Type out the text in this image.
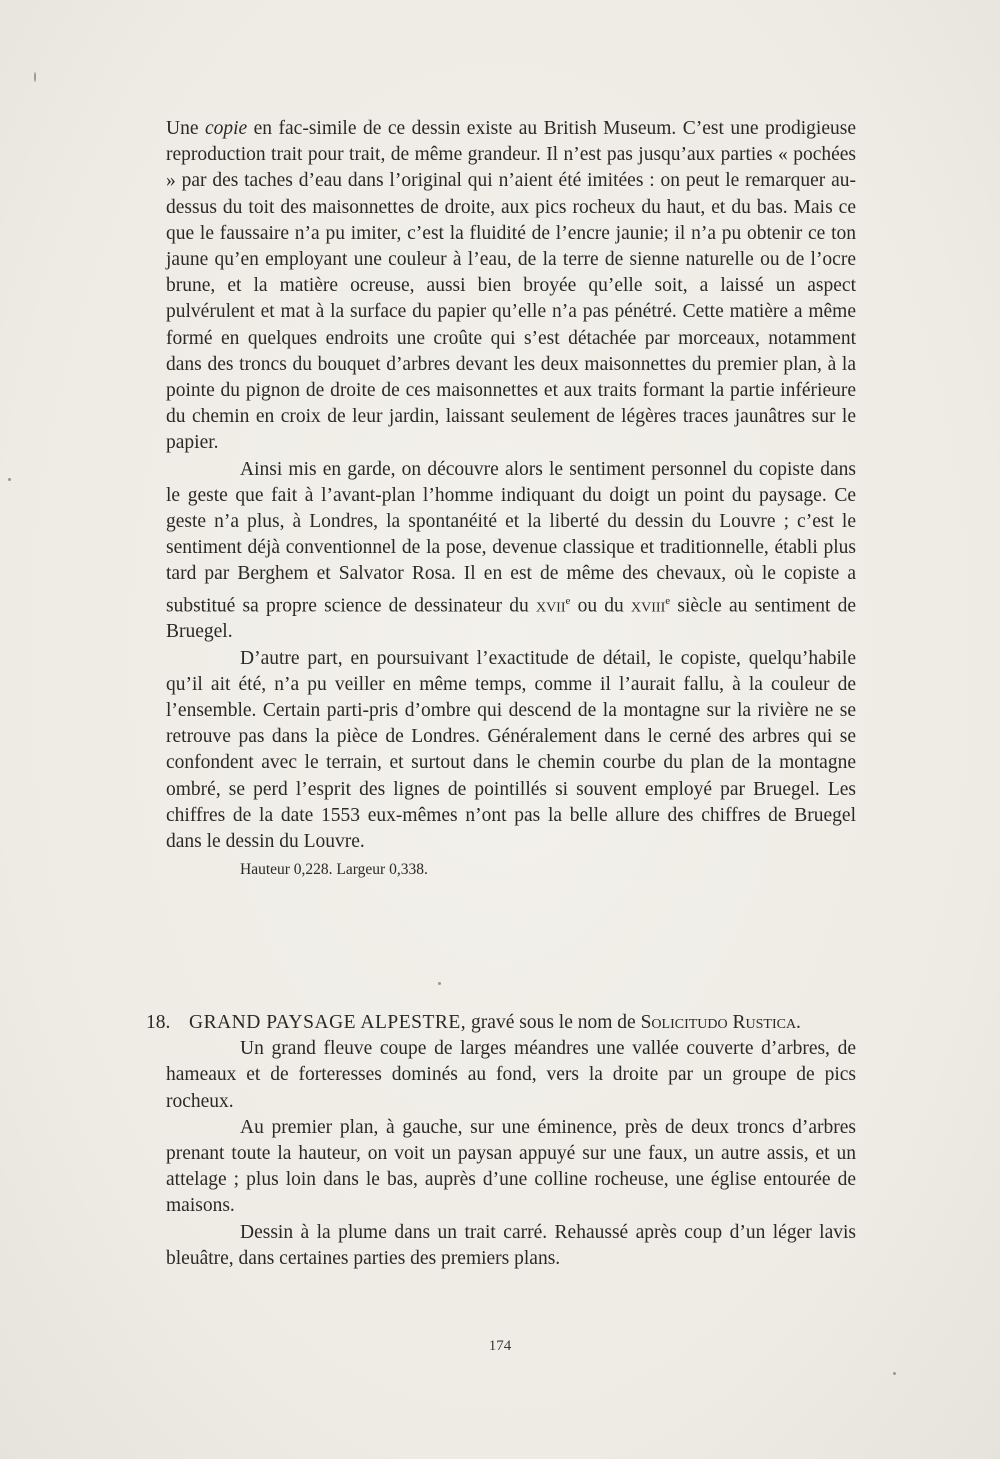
Une copie en fac-simile de ce dessin existe au British Museum. C’est une prodigieuse reproduction trait pour trait, de même grandeur. Il n’est pas jusqu’aux parties « pochées » par des taches d’eau dans l’original qui n’aient été imitées : on peut le remarquer au-dessus du toit des maisonnettes de droite, aux pics rocheux du haut, et du bas. Mais ce que le faussaire n’a pu imiter, c’est la fluidité de l’encre jaunie; il n’a pu obtenir ce ton jaune qu’en employant une couleur à l’eau, de la terre de sienne naturelle ou de l’ocre brune, et la matière ocreuse, aussi bien broyée qu’elle soit, a laissé un aspect pulvérulent et mat à la surface du papier qu’elle n’a pas pénétré. Cette matière a même formé en quelques endroits une croûte qui s’est détachée par morceaux, notamment dans des troncs du bouquet d’arbres devant les deux maisonnettes du premier plan, à la pointe du pignon de droite de ces maisonnettes et aux traits formant la partie inférieure du chemin en croix de leur jardin, laissant seulement de légères traces jaunâtres sur le papier.

Ainsi mis en garde, on découvre alors le sentiment personnel du copiste dans le geste que fait à l’avant-plan l’homme indiquant du doigt un point du paysage. Ce geste n’a plus, à Londres, la spontanéité et la liberté du dessin du Louvre ; c’est le sentiment déjà conventionnel de la pose, devenue classique et traditionnelle, établi plus tard par Berghem et Salvator Rosa. Il en est de même des chevaux, où le copiste a substitué sa propre science de dessinateur du xvii$^e$ ou du xviii$^e$ siècle au sentiment de Bruegel.

D’autre part, en poursuivant l’exactitude de détail, le copiste, quelqu’habile qu’il ait été, n’a pu veiller en même temps, comme il l’aurait fallu, à la couleur de l’ensemble. Certain parti-pris d’ombre qui descend de la montagne sur la rivière ne se retrouve pas dans la pièce de Londres. Généralement dans le cerné des arbres qui se confondent avec le terrain, et surtout dans le chemin courbe du plan de la montagne ombré, se perd l’esprit des lignes de pointillés si souvent employé par Bruegel. Les chiffres de la date 1553 eux-mêmes n’ont pas la belle allure des chiffres de Bruegel dans le dessin du Louvre.

Hauteur 0,228. Largeur 0,338.

18. GRAND PAYSAGE ALPESTRE, gravé sous le nom de Solicitudo Rustica.

Un grand fleuve coupe de larges méandres une vallée couverte d’arbres, de hameaux et de forteresses dominés au fond, vers la droite par un groupe de pics rocheux.

Au premier plan, à gauche, sur une éminence, près de deux troncs d’arbres prenant toute la hauteur, on voit un paysan appuyé sur une faux, un autre assis, et un attelage ; plus loin dans le bas, auprès d’une colline rocheuse, une église entourée de maisons.

Dessin à la plume dans un trait carré. Rehaussé après coup d’un léger lavis bleuâtre, dans certaines parties des premiers plans.

174
